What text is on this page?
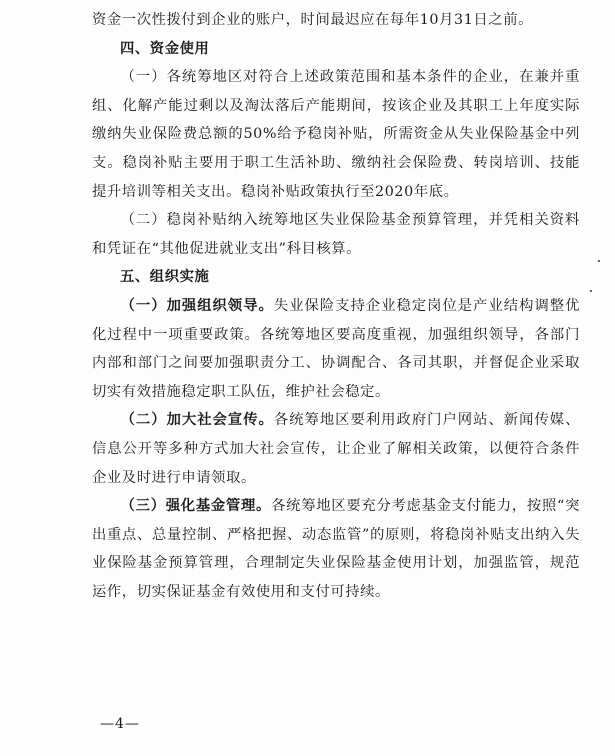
资金一次性拨付到企业的账户，时间最迟应在每年10月31日之前。

四、资金使用

（一）各统筹地区对符合上述政策范围和基本条件的企业，在兼并重组、化解产能过剩以及淘汰落后产能期间，按该企业及其职工上年度实际缴纳失业保险费总额的50%给予稳岗补贴，所需资金从失业保险基金中列支。稳岗补贴主要用于职工生活补助、缴纳社会保险费、转岗培训、技能提升培训等相关支出。稳岗补贴政策执行至2020年底。

（二）稳岗补贴纳入统筹地区失业保险基金预算管理，并凭相关资料和凭证在“其他促进就业支出”科目核算。

五、组织实施

（一）加强组织领导。失业保险支持企业稳定岗位是产业结构调整优化过程中一项重要政策。各统筹地区要高度重视，加强组织领导，各部门内部和部门之间要加强职责分工、协调配合、各司其职，并督促企业采取切实有效措施稳定职工队伍，维护社会稳定。

（二）加大社会宣传。各统筹地区要利用政府门户网站、新闻传媒、信息公开等多种方式加大社会宣传，让企业了解相关政策，以便符合条件企业及时进行申请领取。

（三）强化基金管理。各统筹地区要充分考虑基金支付能力，按照“突出重点、总量控制、严格把握、动态监管”的原则，将稳岗补贴支出纳入失业保险基金预算管理，合理制定失业保险基金使用计划，加强监管，规范运作，切实保证基金有效使用和支付可持续。

—4—
